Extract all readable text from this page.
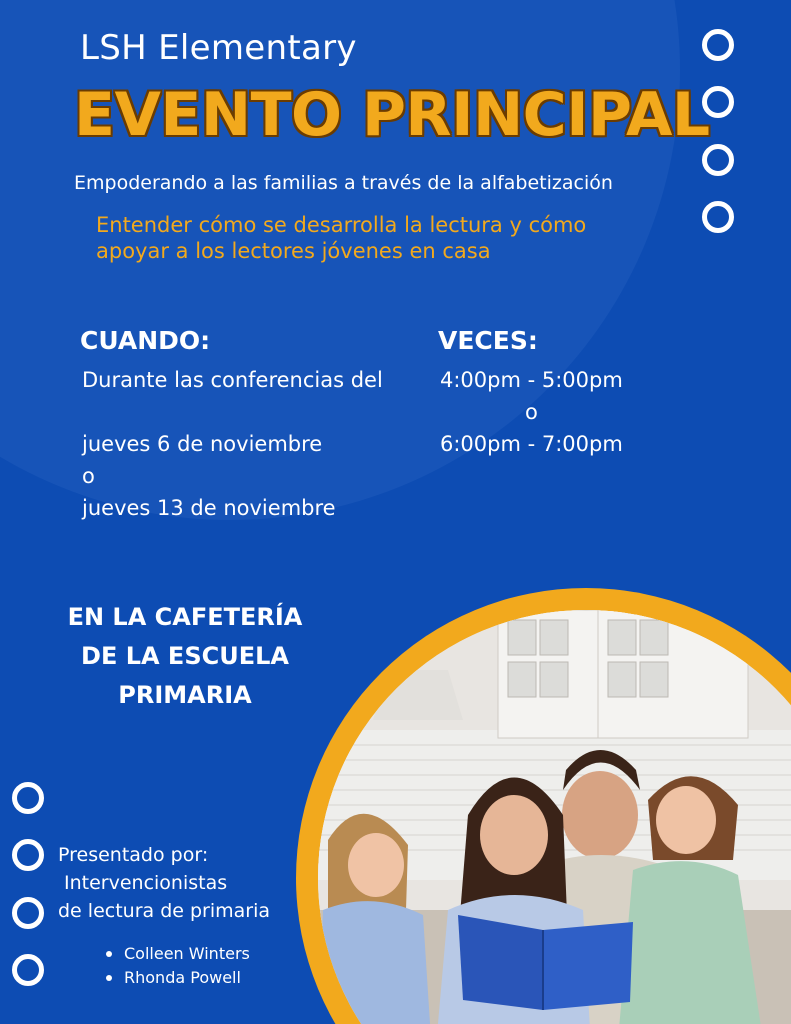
LSH Elementary
EVENTO PRINCIPAL
Empoderando a las familias a través de la alfabetización
Entender cómo se desarrolla la lectura y cómo
apoyar a los lectores jóvenes en casa
CUANDO:
Durante las conferencias del
jueves 6 de noviembre
o
jueves 13 de noviembre
VECES:
4:00pm - 5:00pm
o
6:00pm - 7:00pm
EN LA CAFETERÍA
DE LA ESCUELA
PRIMARIA
Presentado por:
Intervencionistas
de lectura de primaria
Colleen Winters
Rhonda Powell
